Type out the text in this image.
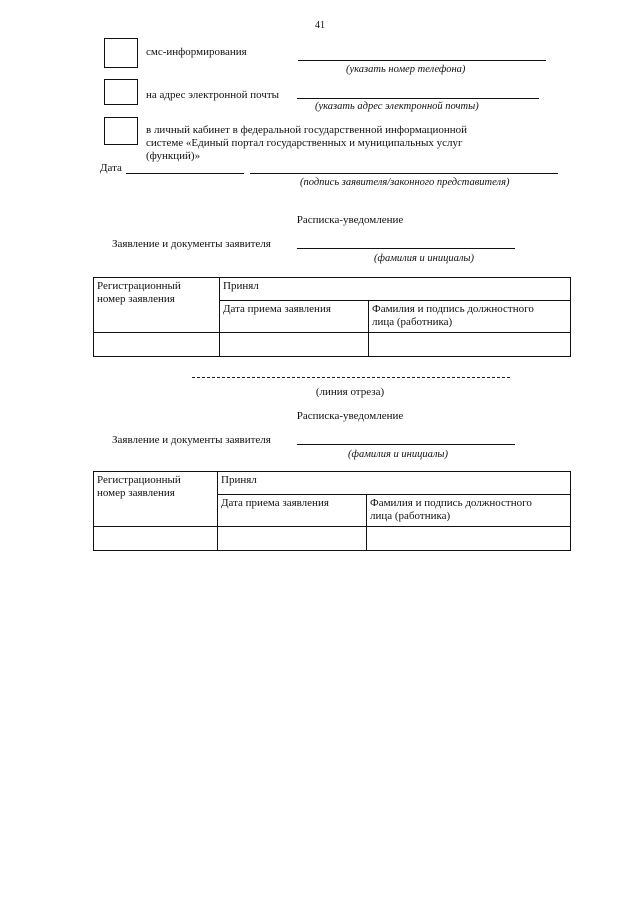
41
смс-информирования
(указать номер телефона)
на адрес электронной почты
(указать адрес электронной почты)
в личный кабинет в федеральной государственной информационной
системе «Единый портал государственных и муниципальных услуг
(функций)»
Дата
(подпись заявителя/законного представителя)
Расписка-уведомление
Заявление и документы заявителя
(фамилия и инициалы)
Регистрационный
номер заявления	Принял	
	Дата приема заявления	Фамилия и подпись должностного
лица (работника)

(линия отреза)
Расписка-уведомление
Заявление и документы заявителя
(фамилия и инициалы)
Регистрационный
номер заявления	Принял	
	Дата приема заявления	Фамилия и подпись должностного
лица (работника)
